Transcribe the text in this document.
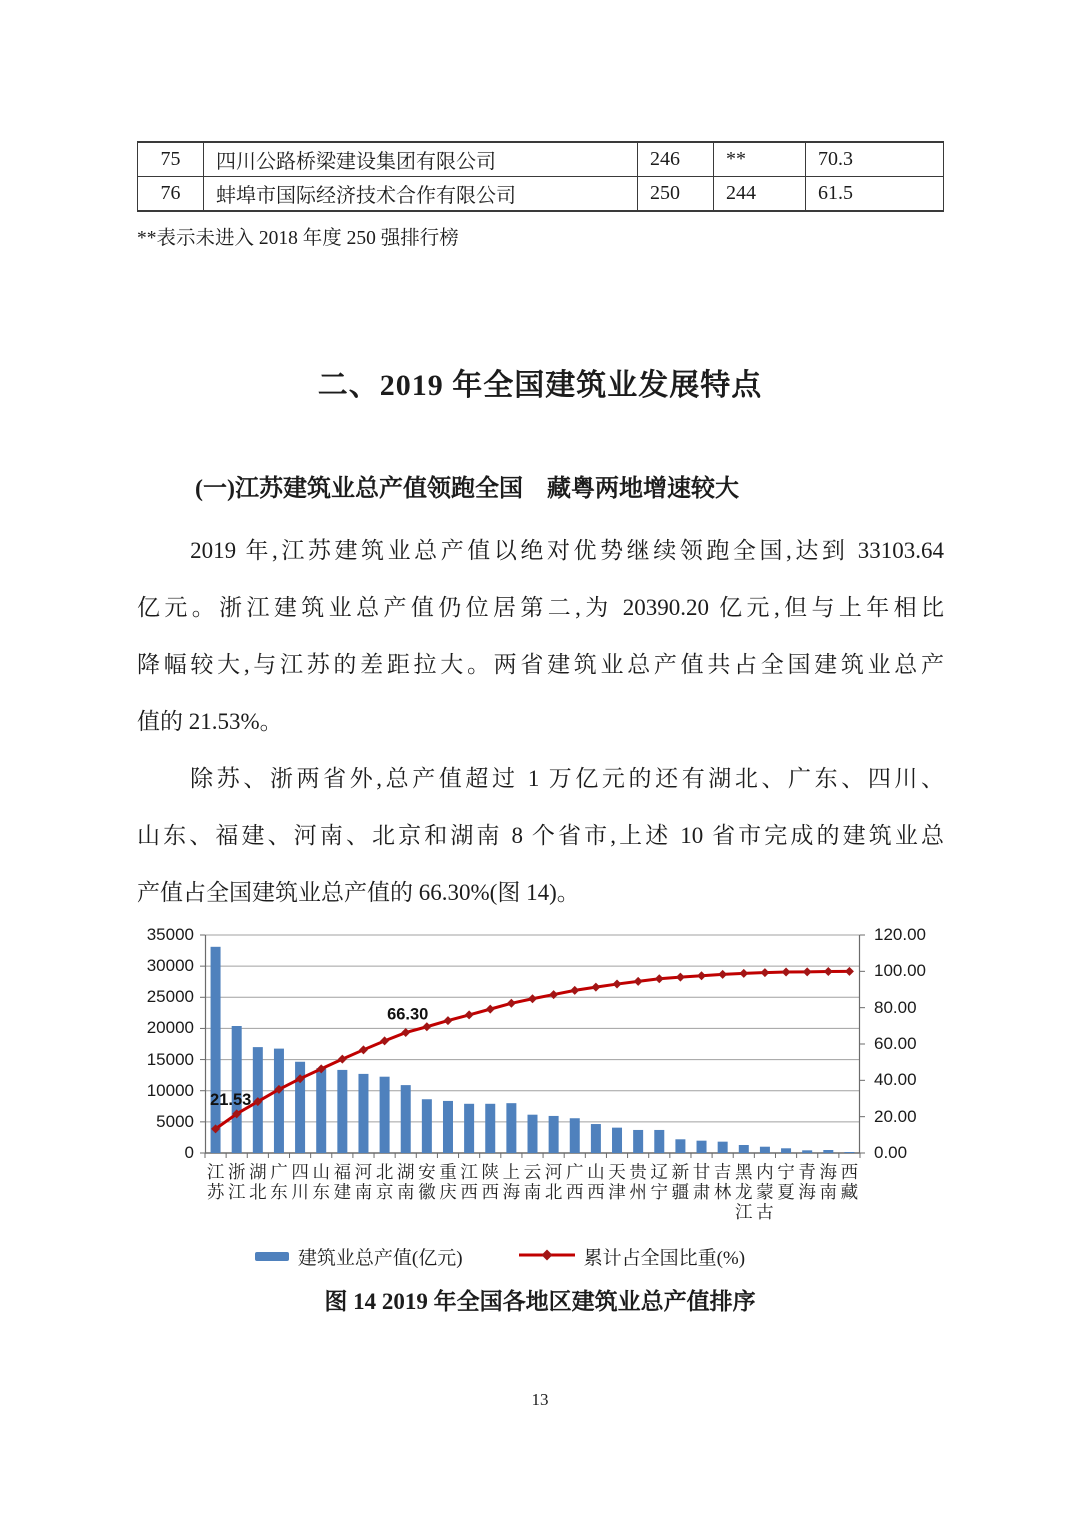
75	四川公路桥梁建设集团有限公司	246	**	70.3
76	蚌埠市国际经济技术合作有限公司	250	244	61.5
**表示未进入 2018 年度 250 强排行榜
二、2019 年全国建筑业发展特点
(一)江苏建筑业总产值领跑全国　藏粤两地增速较大
　　2019 年,江苏建筑业总产值以绝对优势继续领跑全国,达到 33103.64
亿元。浙江建筑业总产值仍位居第二,为 20390.20 亿元,但与上年相比
降幅较大,与江苏的差距拉大。两省建筑业总产值共占全国建筑业总产
值的 21.53%。
　　除苏、浙两省外,总产值超过 1 万亿元的还有湖北、广东、四川、
山东、福建、河南、北京和湖南 8 个省市,上述 10 省市完成的建筑业总
产值占全国建筑业总产值的 66.30%(图 14)。
建筑业总产值(亿元)	累计占全国比重(%)
21.53
66.30
0
5000
10000
15000
20000
25000
30000
35000
0.00
20.00
40.00
60.00
80.00
100.00
120.00
江苏
浙江
湖北
广东
四川
山东
福建
河南
北京
湖南
安徽
重庆
江西
陕西
上海
云南
河北
广西
山西
天津
贵州
辽宁
新疆
甘肃
吉林
黑龙江
内蒙古
宁夏
青海
海南
西藏
图 14 2019 年全国各地区建筑业总产值排序
13
